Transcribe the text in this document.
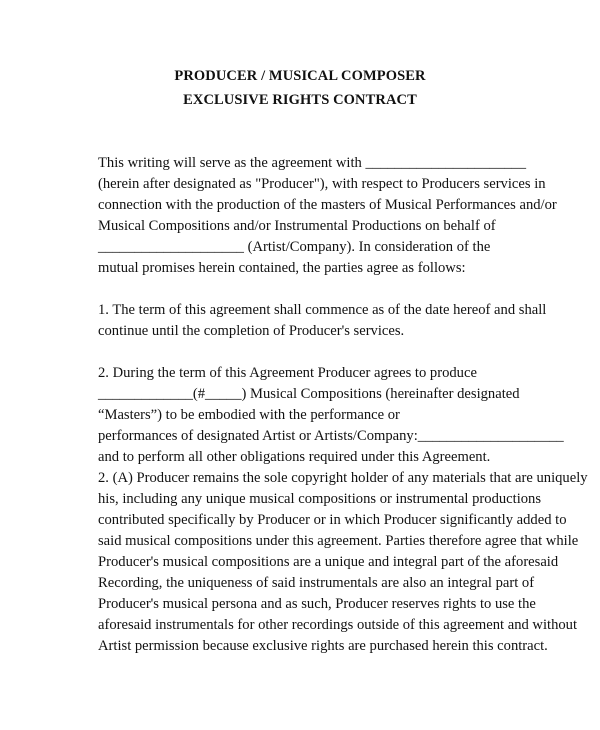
PRODUCER / MUSICAL COMPOSER
EXCLUSIVE RIGHTS CONTRACT
This writing will serve as the agreement with ______________________
(herein after designated as "Producer"), with respect to Producers services in
connection with the production of the masters of Musical Performances and/or
Musical Compositions and/or Instrumental Productions on behalf of
____________________ (Artist/Company). In consideration of the
mutual promises herein contained, the parties agree as follows:
1. The term of this agreement shall commence as of the date hereof and shall
continue until the completion of Producer's services.
2. During the term of this Agreement Producer agrees to produce
_____________(#_____) Musical Compositions (hereinafter designated
“Masters”) to be embodied with the performance or
performances of designated Artist or Artists/Company:____________________
and to perform all other obligations required under this Agreement.
2. (A) Producer remains the sole copyright holder of any materials that are uniquely
his, including any unique musical compositions or instrumental productions
contributed specifically by Producer or in which Producer significantly added to
said musical compositions under this agreement. Parties therefore agree that while
Producer's musical compositions are a unique and integral part of the aforesaid
Recording, the uniqueness of said instrumentals are also an integral part of
Producer's musical persona and as such, Producer reserves rights to use the
aforesaid instrumentals for other recordings outside of this agreement and without
Artist permission because exclusive rights are purchased herein this contract.
